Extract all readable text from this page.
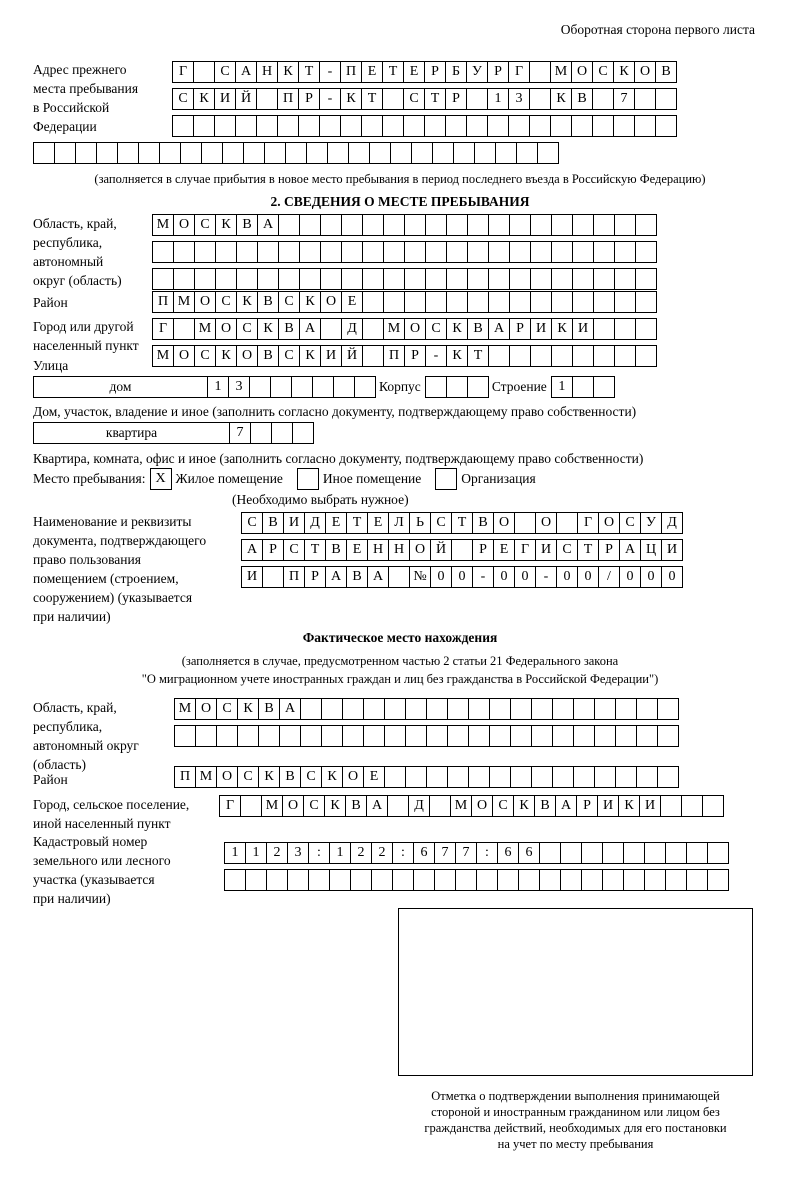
Оборотная сторона первого листа
Адрес прежнего
места пребывания
в Российской
Федерации
Г	С А Н К Т	- П Е Т Е Р Б У Р Г	М О С К О В
С К И Й	П Р	-	К Т	С Т Р	1	3	К В	7
(заполняется в случае прибытия в новое место пребывания в период последнего въезда в Российскую Федерацию)
2. СВЕДЕНИЯ О МЕСТЕ ПРЕБЫВАНИЯ
Область, край,
республика,
автономный
округ (область)
М О С К В А
Район	П М О С К В С К О Е
Город или другой
населенный пункт
Г	М О С К В А	Д	М О С К В А Р И К И
Улица
М О С К О В С К И Й	П Р	-	К Т
дом	1	3	Корпус	Строение 1
Дом, участок, владение и иное (заполнить согласно документу, подтверждающему право собственности)
квартира	7
Квартира, комната, офис и иное (заполнить согласно документу, подтверждающему право собственности)
Место пребывания: Х Жилое помещение	Иное помещение	Организация
(Необходимо выбрать нужное)
Наименование и реквизиты
документа, подтверждающего
право пользования
помещением (строением,
сооружением) (указывается
при наличии)
С В И Д Е Т Е Л Ь С Т В О	О	Г О С У Д
А Р С Т В Е Н Н О Й	Р Е Г И С Т Р А Ц И
И	П Р А В А	№ 0	0	-	0	0	-	0	0	/	0	0	0
Фактическое место нахождения
(заполняется в случае, предусмотренном частью 2 статьи 21 Федерального закона
"О миграционном учете иностранных граждан и лиц без гражданства в Российской Федерации")
Область, край,
республика,
автономный округ
(область)
М О С К В А
Район	П М О С К В С К О Е
Город, сельское поселение,
иной населенный пункт
Г	М О С К В А	Д	М О С К В А Р И К И
Кадастровый номер
земельного или лесного
участка (указывается
при наличии)
1	1	2	3	:	1	2	2	:	6	7	7	:	6	6
Отметка о подтверждении выполнения принимающей
стороной и иностранным гражданином или лицом без
гражданства действий, необходимых для его постановки
на учет по месту пребывания
